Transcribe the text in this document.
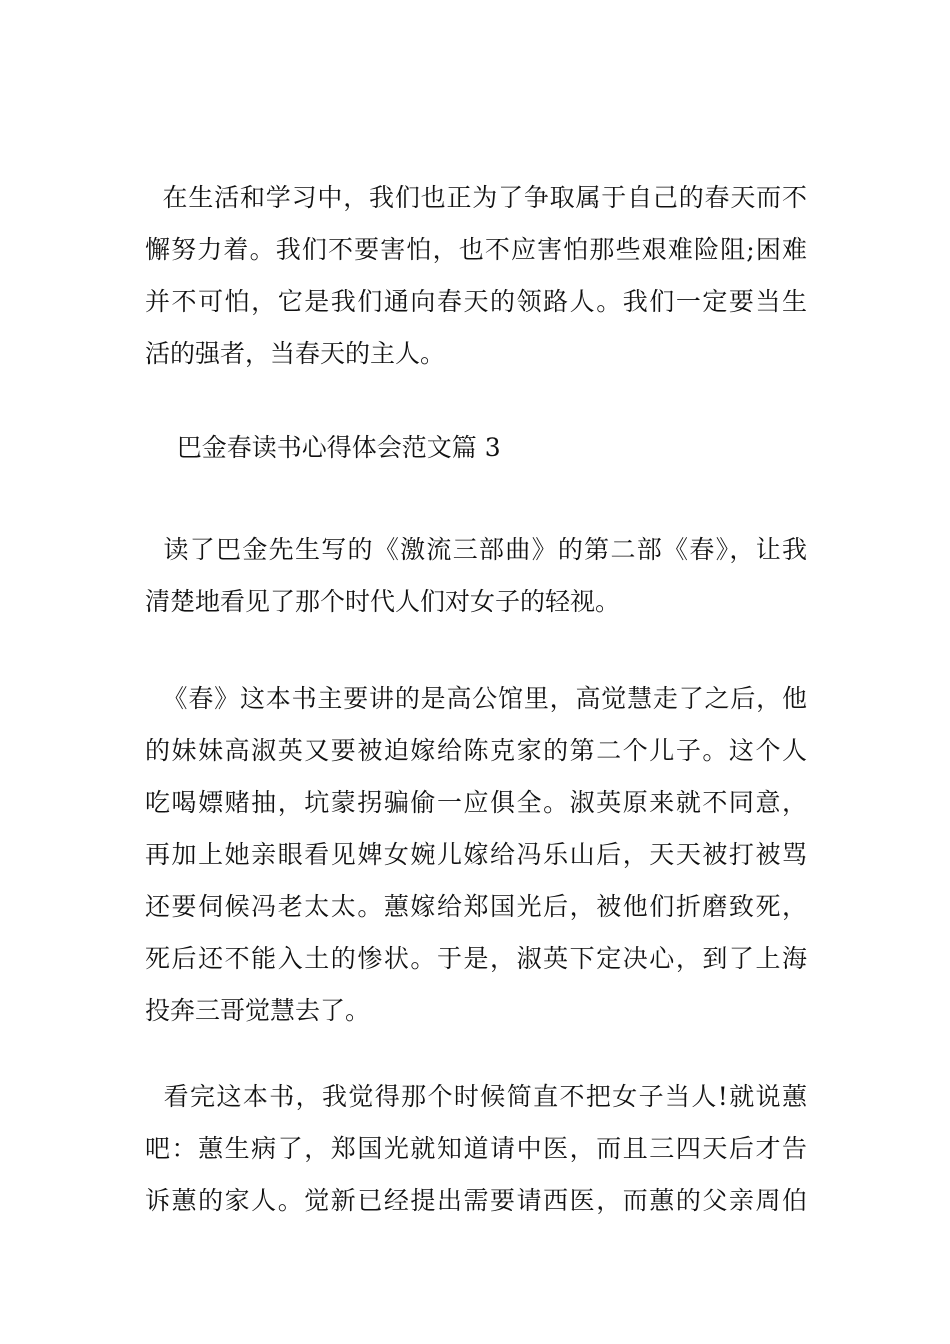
在生活和学习中，我们也正为了争取属于自己的春天而不
懈努力着。我们不要害怕，也不应害怕那些艰难险阻;困难
并不可怕，它是我们通向春天的领路人。我们一定要当生
活的强者，当春天的主人。
巴金春读书心得体会范文篇 3
读了巴金先生写的《激流三部曲》的第二部《春》，让我
清楚地看见了那个时代人们对女子的轻视。
《春》这本书主要讲的是高公馆里，高觉慧走了之后，他
的妹妹高淑英又要被迫嫁给陈克家的第二个儿子。这个人
吃喝嫖赌抽，坑蒙拐骗偷一应俱全。淑英原来就不同意，
再加上她亲眼看见婢女婉儿嫁给冯乐山后，天天被打被骂
还要伺候冯老太太。蕙嫁给郑国光后，被他们折磨致死，
死后还不能入土的惨状。于是，淑英下定决心，到了上海
投奔三哥觉慧去了。
看完这本书，我觉得那个时候简直不把女子当人!就说蕙
吧：蕙生病了，郑国光就知道请中医，而且三四天后才告
诉蕙的家人。觉新已经提出需要请西医，而蕙的父亲周伯
